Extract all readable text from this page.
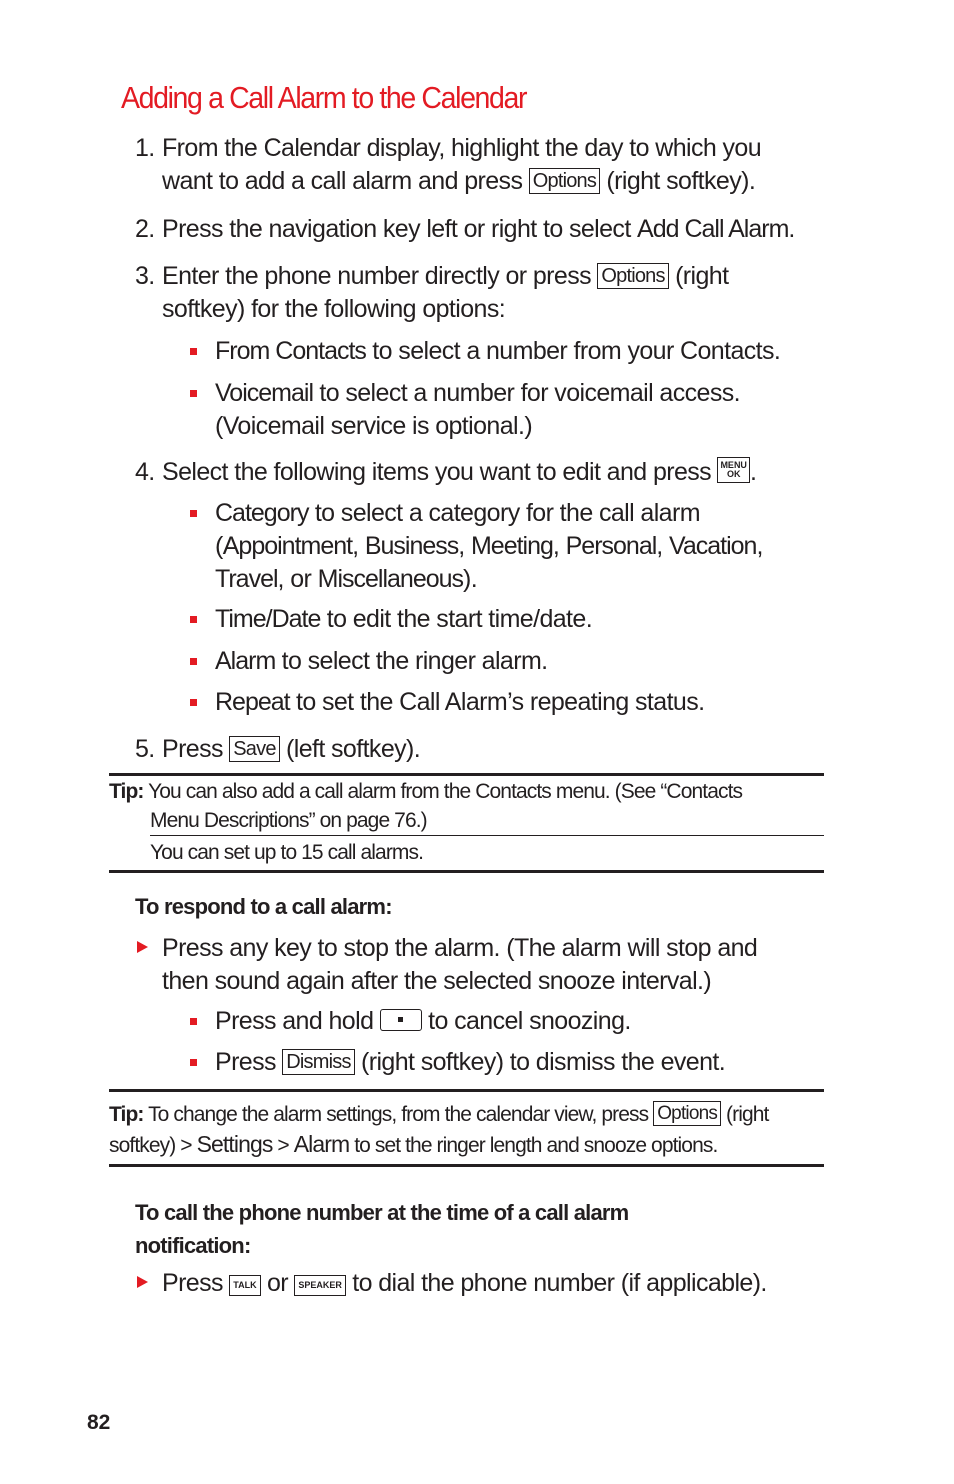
Adding a Call Alarm to the Calendar
1. From the Calendar display, highlight the day to which you
want to add a call alarm and press Options (right softkey).
2. Press the navigation key left or right to select Add Call Alarm.
3. Enter the phone number directly or press Options (right
softkey) for the following options:
From Contacts to select a number from your Contacts.
Voicemail to select a number for voicemail access.
(Voicemail service is optional.)
4. Select the following items you want to edit and press MENU
OK .
Category to select a category for the call alarm
(Appointment, Business, Meeting, Personal, Vacation,
Travel, or Miscellaneous).
Time/Date to edit the start time/date.
Alarm to select the ringer alarm.
Repeat to set the Call Alarm’s repeating status.
5. Press Save (left softkey).
Tip: You can also add a call alarm from the Contacts menu. (See “Contacts
Menu Descriptions” on page 76.)
You can set up to 15 call alarms.
To respond to a call alarm:
Press any key to stop the alarm. (The alarm will stop and
then sound again after the selected snooze interval.)
Press and hold to cancel snoozing.
Press Dismiss (right softkey) to dismiss the event.
Tip: To change the alarm settings, from the calendar view, press Options (right
softkey) > Settings > Alarm to set the ringer length and snooze options.
To call the phone number at the time of a call alarm
notification:
Press TALK or SPEAKER to dial the phone number (if applicable).
82
